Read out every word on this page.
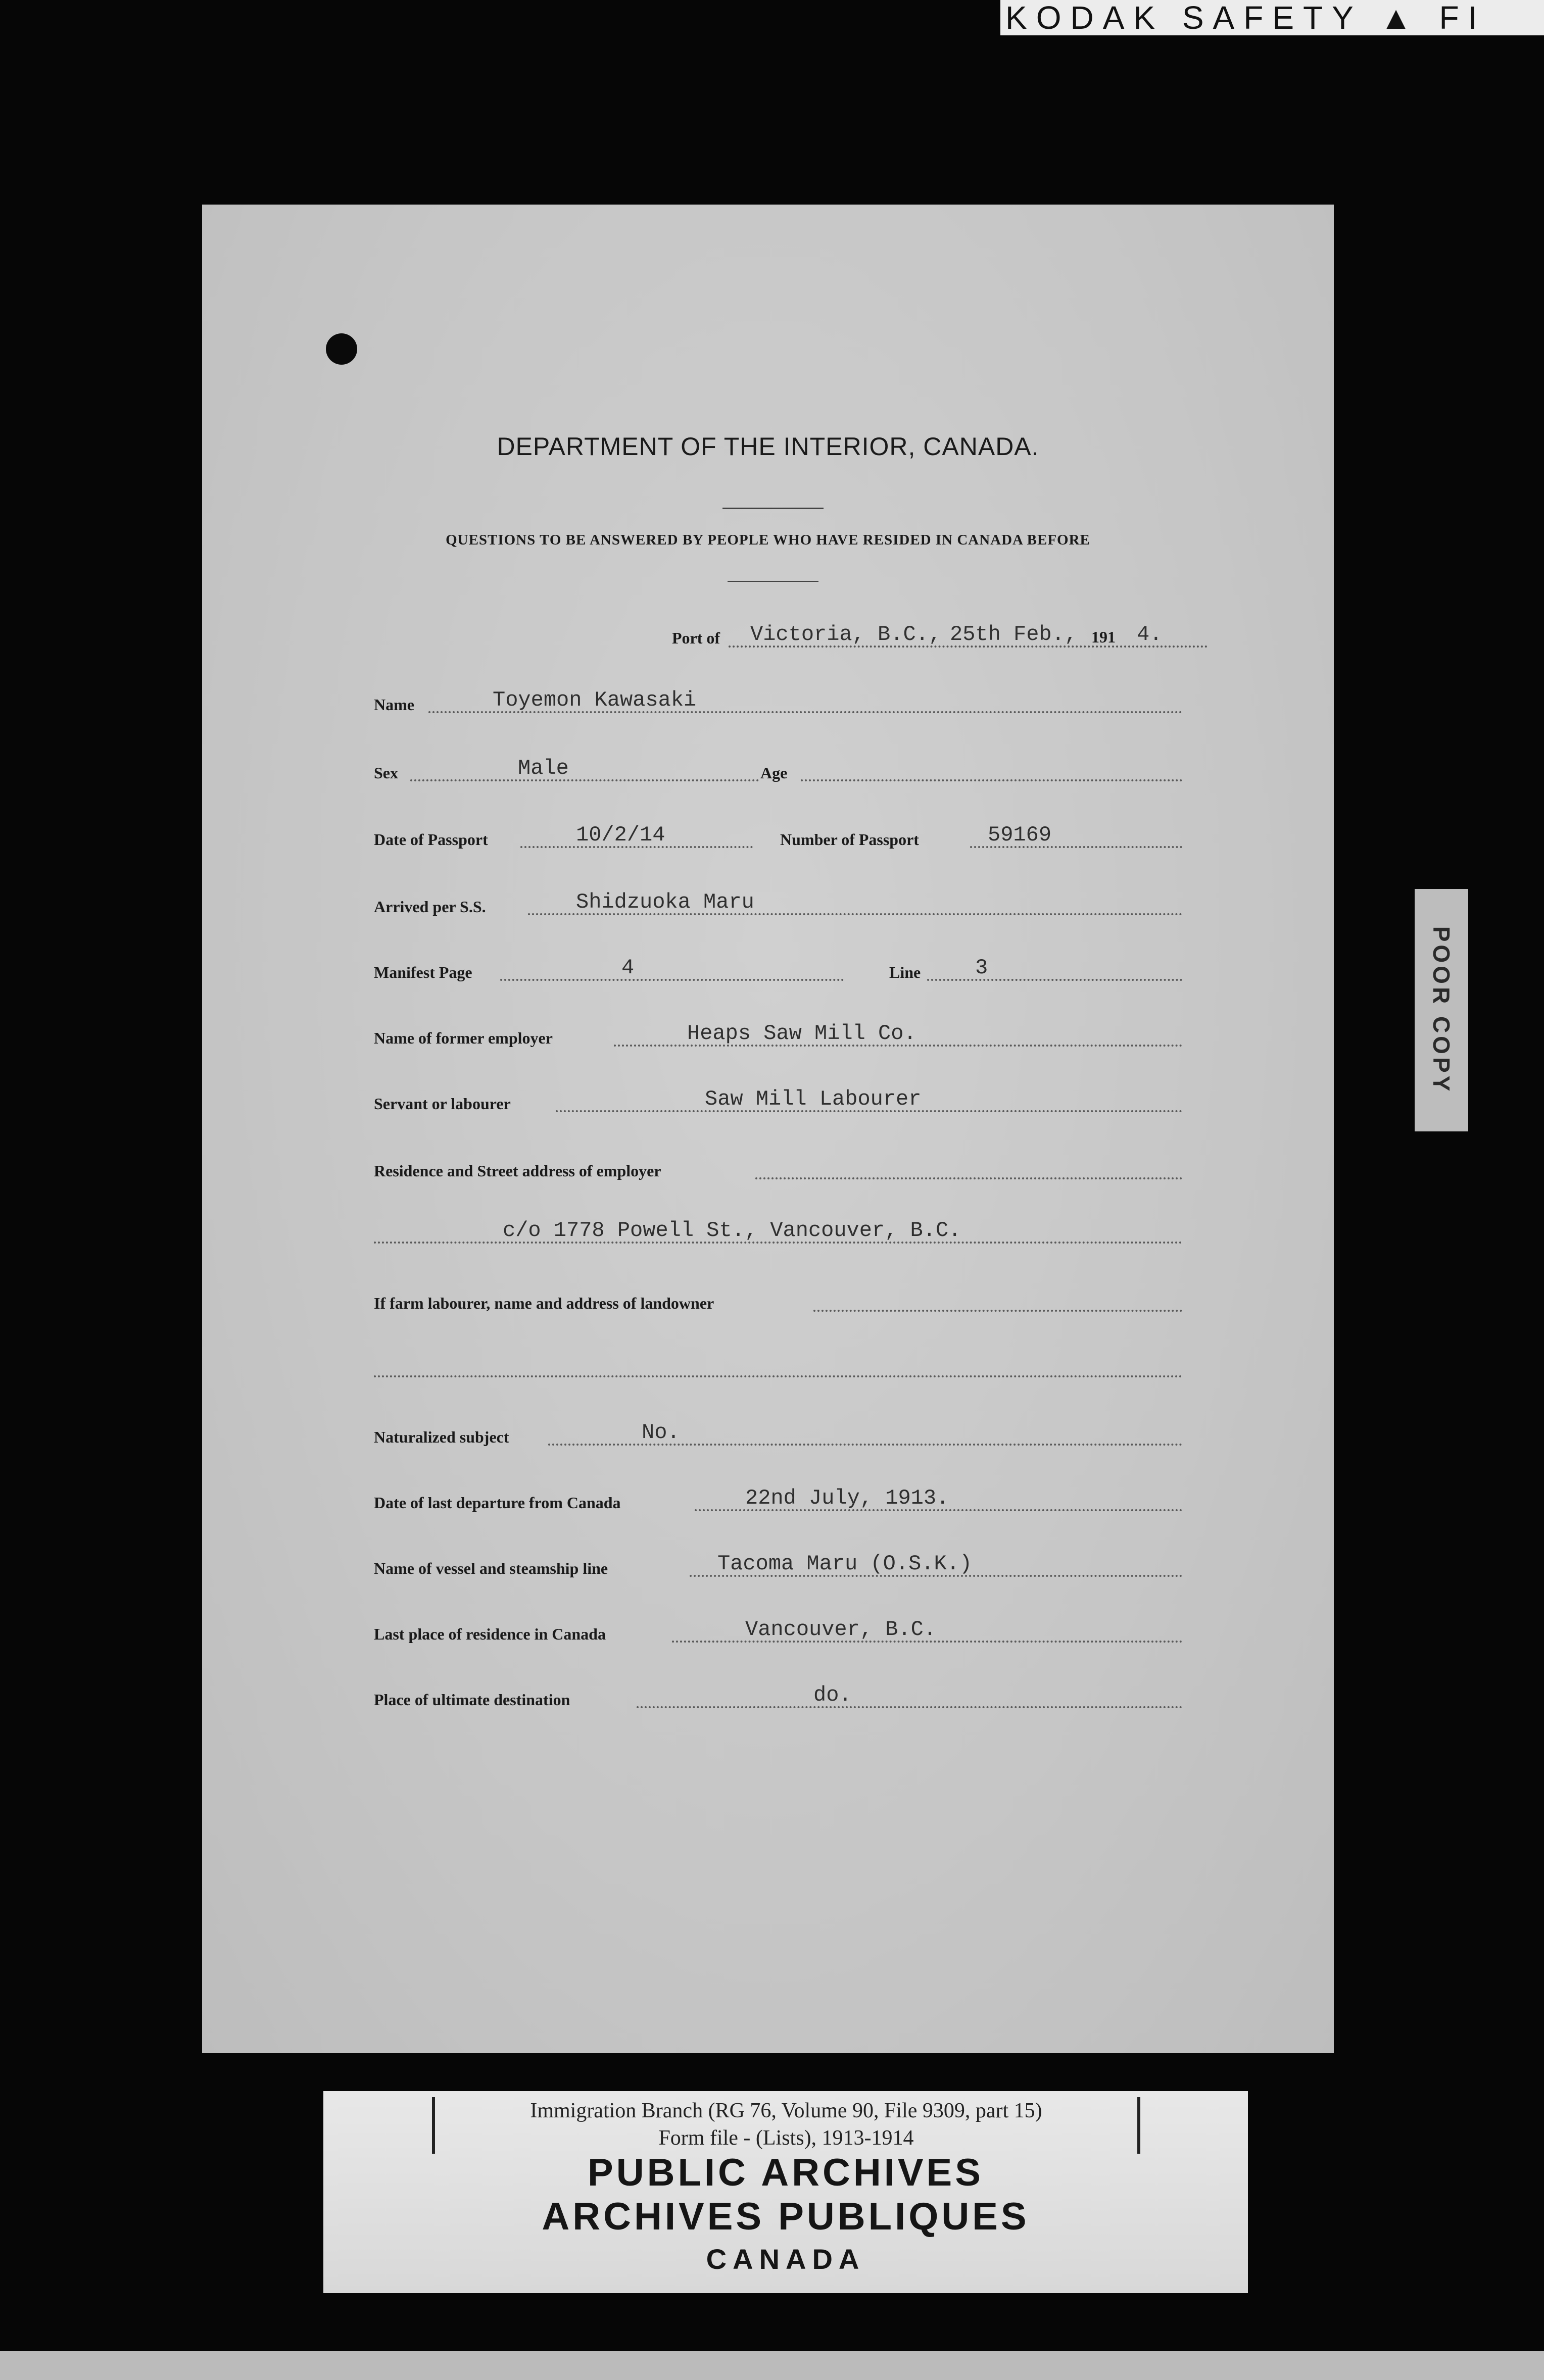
KODAK SAFETY ▲ FI
POOR COPY
DEPARTMENT OF THE INTERIOR, CANADA.
QUESTIONS TO BE ANSWERED BY PEOPLE WHO HAVE RESIDED IN CANADA BEFORE
Port of Victoria, B.C., 25th Feb., 191 4.
Name	Toyemon Kawasaki
Sex	Male	Age
Date of Passport	10/2/14	Number of Passport	59169
Arrived per S.S.	Shidzuoka Maru
Manifest Page	4	Line	3
Name of former employer	Heaps Saw Mill Co.
Servant or labourer	Saw Mill Labourer
Residence and Street address of employer
c/o 1778 Powell St., Vancouver, B.C.
If farm labourer, name and address of landowner
Naturalized subject	No.
Date of last departure from Canada	22nd July, 1913.
Name of vessel and steamship line	Tacoma Maru (O.S.K.)
Last place of residence in Canada	Vancouver, B.C.
Place of ultimate destination	do.
Immigration Branch (RG 76, Volume 90, File 9309, part 15)
Form file - (Lists), 1913-1914
PUBLIC ARCHIVES
ARCHIVES PUBLIQUES
CANADA
